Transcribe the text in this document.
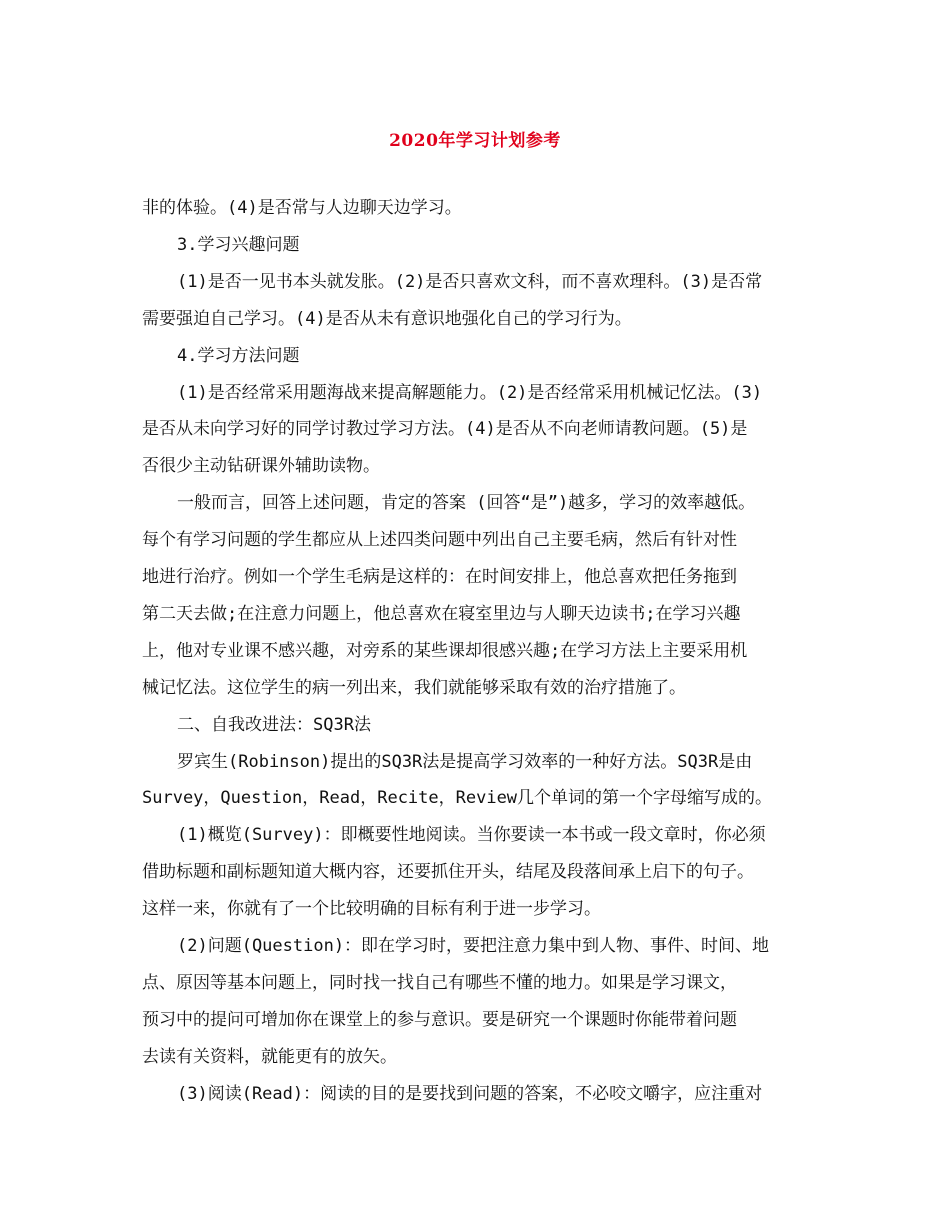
2020年学习计划参考
非的体验。(4)是否常与人边聊天边学习。
3.学习兴趣问题
(1)是否一见书本头就发胀。(2)是否只喜欢文科，而不喜欢理科。(3)是否常
需要强迫自己学习。(4)是否从未有意识地强化自己的学习行为。
4.学习方法问题
(1)是否经常采用题海战来提高解题能力。(2)是否经常采用机械记忆法。(3)
是否从未向学习好的同学讨教过学习方法。(4)是否从不向老师请教问题。(5)是
否很少主动钻研课外辅助读物。
一般而言，回答上述问题，肯定的答案 (回答“是”)越多，学习的效率越低。
每个有学习问题的学生都应从上述四类问题中列出自己主要毛病，然后有针对性
地进行治疗。例如一个学生毛病是这样的：在时间安排上，他总喜欢把任务拖到
第二天去做;在注意力问题上，他总喜欢在寝室里边与人聊天边读书;在学习兴趣
上，他对专业课不感兴趣，对旁系的某些课却很感兴趣;在学习方法上主要采用机
械记忆法。这位学生的病一列出来，我们就能够采取有效的治疗措施了。
二、自我改进法：SQ3R法
罗宾生(Robinson)提出的SQ3R法是提高学习效率的一种好方法。SQ3R是由
Survey，Question，Read，Recite，Review几个单词的第一个字母缩写成的。
(1)概览(Survey)：即概要性地阅读。当你要读一本书或一段文章时，你必须
借助标题和副标题知道大概内容，还要抓住开头，结尾及段落间承上启下的句子。
这样一来，你就有了一个比较明确的目标有利于进一步学习。
(2)问题(Question)：即在学习时，要把注意力集中到人物、事件、时间、地
点、原因等基本问题上，同时找一找自己有哪些不懂的地力。如果是学习课文，
预习中的提问可增加你在课堂上的参与意识。要是研究一个课题时你能带着问题
去读有关资料，就能更有的放矢。
(3)阅读(Read)：阅读的目的是要找到问题的答案，不必咬文嚼字，应注重对
